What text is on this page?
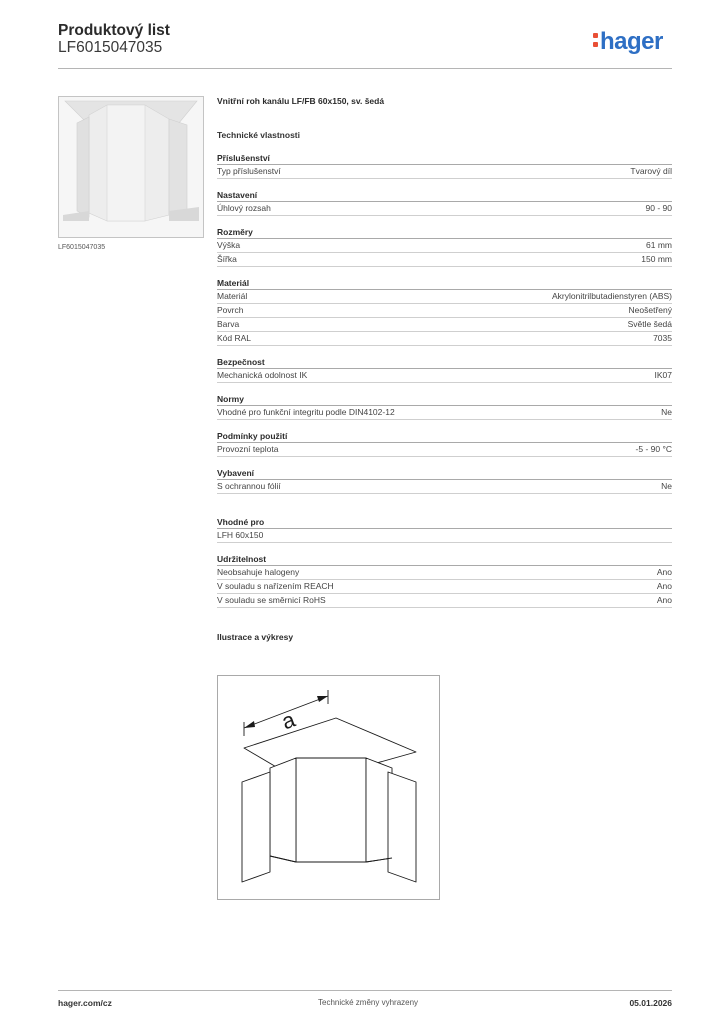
Produktový list
LF6015047035	hager
LF6015047035
Vnitřní roh kanálu LF/FB 60x150, sv. šedá
Technické vlastnosti
Příslušenství
Typ příslušenství	Tvarový díl
Nastavení
Úhlový rozsah	90 - 90
Rozměry
Výška	61 mm
Šířka	150 mm
Materiál
Materiál	Akrylonitrilbutadienstyren (ABS)
Povrch	Neošetřený
Barva	Světle šedá
Kód RAL	7035
Bezpečnost
Mechanická odolnost IK	IK07
Normy
Vhodné pro funkční integritu podle DIN4102-12	Ne
Podmínky použití
Provozní teplota	-5 - 90 °C
Vybavení
S ochrannou fólií	Ne
Vhodné pro
LFH 60x150
Udržitelnost
Neobsahuje halogeny	Ano
V souladu s nařízením REACH	Ano
V souladu se směrnicí RoHS	Ano
Ilustrace a výkresy
a
hager.com/cz	Technické změny vyhrazeny	05.01.2026
